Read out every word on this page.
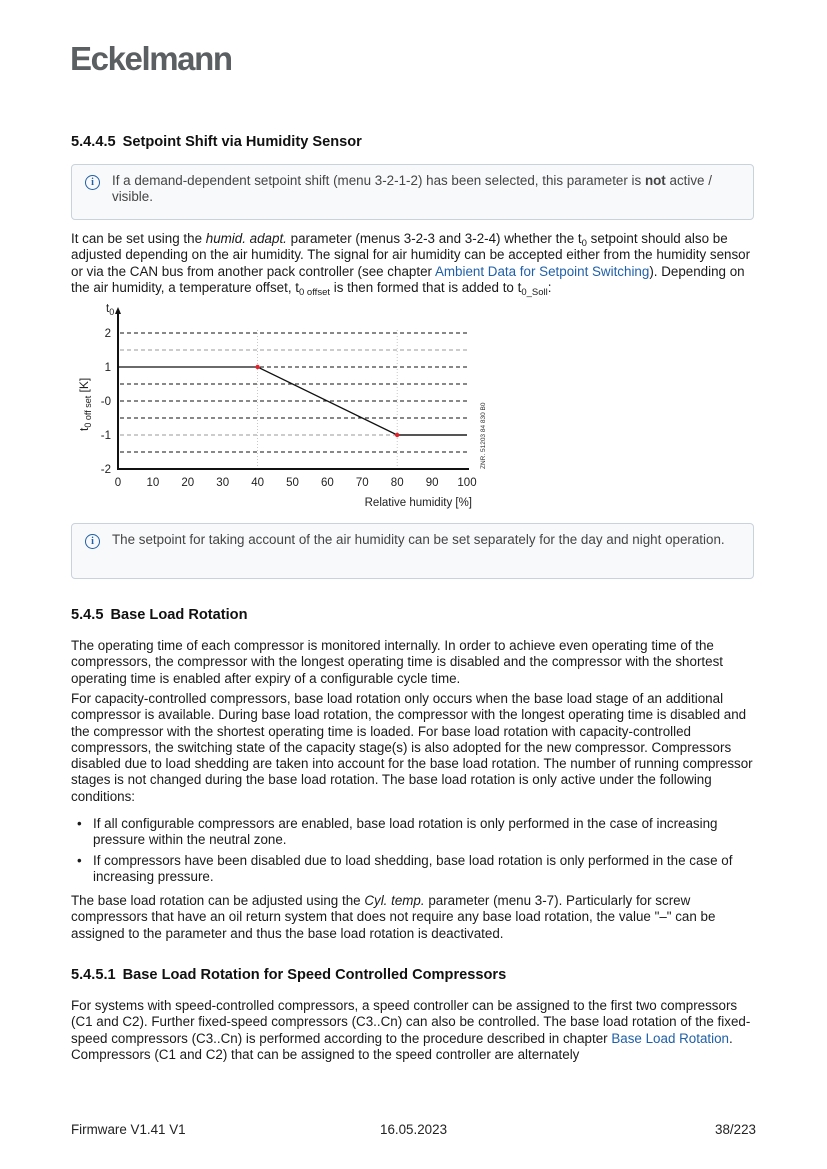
Eckelmann
5.4.4.5 Setpoint Shift via Humidity Sensor
i	If a demand-dependent setpoint shift (menu 3-2-1-2) has been selected, this parameter is not active / visible.
It can be set using the humid. adapt. parameter (menus 3-2-3 and 3-2-4) whether the $t_0$ setpoint should also be adjusted depending on the air humidity. The signal for air humidity can be accepted either from the humidity sensor or via the CAN bus from another pack controller (see chapter Ambient Data for Setpoint Switching). Depending on the air humidity, a temperature offset, $t_{0 offset}$ is then formed that is added to $t_{0\_Soll}$:
0 10 20 30 40 50 60 70 80 90 100
2
1
-0
-1
-2
$t_0$
$t_{0 off set}$ [K]
Relative humidity [%]
ZNR. 51203 84 830 B0
i	The setpoint for taking account of the air humidity can be set separately for the day and night operation.
5.4.5 Base Load Rotation
The operating time of each compressor is monitored internally. In order to achieve even operating time of the compressors, the compressor with the longest operating time is disabled and the compressor with the shortest operating time is enabled after expiry of a configurable cycle time.
For capacity-controlled compressors, base load rotation only occurs when the base load stage of an additional compressor is available. During base load rotation, the compressor with the longest operating time is disabled and the compressor with the shortest operating time is loaded. For base load rotation with capacity-controlled compressors, the switching state of the capacity stage(s) is also adopted for the new compressor. Compressors disabled due to load shedding are taken into account for the base load rotation. The number of running compressor stages is not changed during the base load rotation. The base load rotation is only active under the following conditions:
• If all configurable compressors are enabled, base load rotation is only performed in the case of increasing pressure within the neutral zone.
• If compressors have been disabled due to load shedding, base load rotation is only performed in the case of increasing pressure.
The base load rotation can be adjusted using the Cyl. temp. parameter (menu 3-7). Particularly for screw compressors that have an oil return system that does not require any base load rotation, the value "–" can be assigned to the parameter and thus the base load rotation is deactivated.
5.4.5.1 Base Load Rotation for Speed Controlled Compressors
For systems with speed-controlled compressors, a speed controller can be assigned to the first two compressors (C1 and C2). Further fixed-speed compressors (C3..Cn) can also be controlled. The base load rotation of the fixed-speed compressors (C3..Cn) is performed according to the procedure described in chapter Base Load Rotation. Compressors (C1 and C2) that can be assigned to the speed controller are alternately
Firmware V1.41 V1	16.05.2023	38/223
